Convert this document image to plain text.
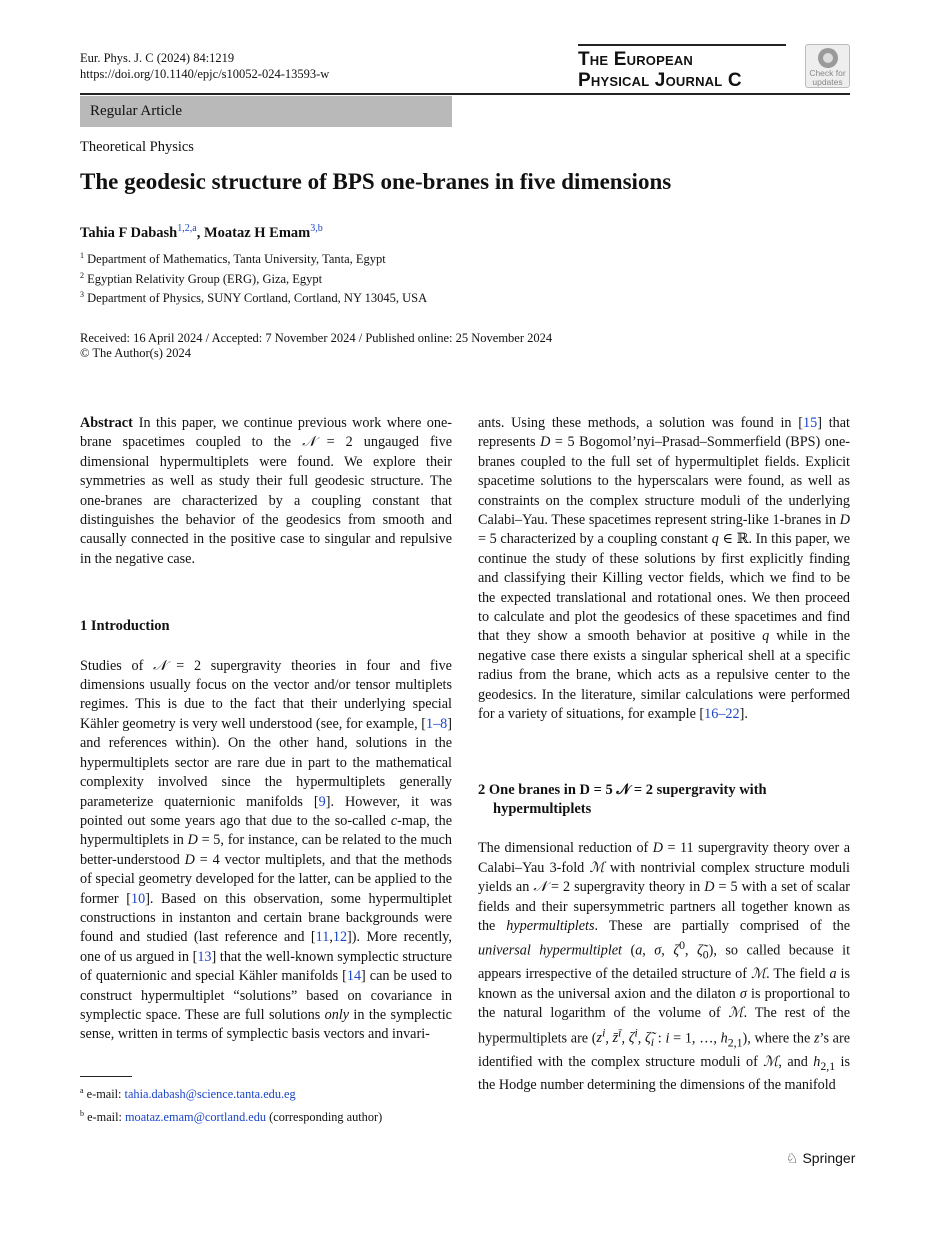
Eur. Phys. J. C (2024) 84:1219
https://doi.org/10.1140/epjc/s10052-024-13593-w
The European
Physical Journal C	Check for
updates
Regular Article
Theoretical Physics
The geodesic structure of BPS one-branes in five dimensions
Tahia F Dabash$^{1,2,a}$, Moataz H Emam$^{3,b}$
$^1$ Department of Mathematics, Tanta University, Tanta, Egypt
$^2$ Egyptian Relativity Group (ERG), Giza, Egypt
$^3$ Department of Physics, SUNY Cortland, Cortland, NY 13045, USA
Received: 16 April 2024 / Accepted: 7 November 2024 / Published online: 25 November 2024
© The Author(s) 2024

Abstract In this paper, we continue previous work where one-brane spacetimes coupled to the 𝒩 = 2 ungauged five dimensional hypermultiplets were found. We explore their symmetries as well as study their full geodesic structure. The one-branes are characterized by a coupling constant that distinguishes the behavior of the geodesics from smooth and causally connected in the positive case to singular and repulsive in the negative case.

1 Introduction

Studies of 𝒩 = 2 supergravity theories in four and five dimensions usually focus on the vector and/or tensor multiplets regimes. This is due to the fact that their underlying special Kähler geometry is very well understood (see, for example, [1–8] and references within). On the other hand, solutions in the hypermultiplets sector are rare due in part to the mathematical complexity involved since the hypermultiplets generally parameterize quaternionic manifolds [9]. However, it was pointed out some years ago that due to the so-called c-map, the hypermultiplets in D = 5, for instance, can be related to the much better-understood D = 4 vector multiplets, and that the methods of special geometry developed for the latter, can be applied to the former [10]. Based on this observation, some hypermultiplet constructions in instanton and certain brane backgrounds were found and studied (last reference and [11,12]). More recently, one of us argued in [13] that the well-known symplectic structure of quaternionic and special Kähler manifolds [14] can be used to construct hypermultiplet “solutions” based on covariance in symplectic space. These are full solutions only in the symplectic sense, written in terms of symplectic basis vectors and invari-

ants. Using these methods, a solution was found in [15] that represents D = 5 Bogomol’nyi–Prasad–Sommerfield (BPS) one-branes coupled to the full set of hypermultiplet fields. Explicit spacetime solutions to the hyperscalars were found, as well as constraints on the complex structure moduli of the underlying Calabi–Yau. These spacetimes represent string-like 1-branes in D = 5 characterized by a coupling constant q ∈ ℝ. In this paper, we continue the study of these solutions by first explicitly finding and classifying their Killing vector fields, which we find to be the expected translational and rotational ones. We then proceed to calculate and plot the geodesics of these spacetimes and find that they show a smooth behavior at positive q while in the negative case there exists a singular spherical shell at a specific radius from the brane, which acts as a repulsive center to the geodesics. In the literature, similar calculations were performed for a variety of situations, for example [16–22].

2 One branes in D = 5 𝒩 = 2 supergravity with
hypermultiplets

The dimensional reduction of D = 11 supergravity theory over a Calabi–Yau 3-fold ℳ with nontrivial complex structure moduli yields an 𝒩 = 2 supergravity theory in D = 5 with a set of scalar fields and their supersymmetric partners all together known as the hypermultiplets. These are partially comprised of the universal hypermultiplet (a, σ, $\zeta^0$, $\zetã_0$), so called because it appears irrespective of the detailed structure of ℳ. The field a is known as the universal axion and the dilaton σ is proportional to the natural logarithm of the volume of ℳ. The rest of the hypermultiplets are ($z^i$, z̄$^ī$, $\zeta^i$, $\zetã_i$ : i = 1, …, $h_{2,1}$), where the z’s are identified with the complex structure moduli of ℳ, and $h_{2,1}$ is the Hodge number determining the dimensions of the manifold

$^a$ e-mail: tahia.dabash@science.tanta.edu.eg
$^b$ e-mail: moataz.emam@cortland.edu (corresponding author)
♘ Springer
